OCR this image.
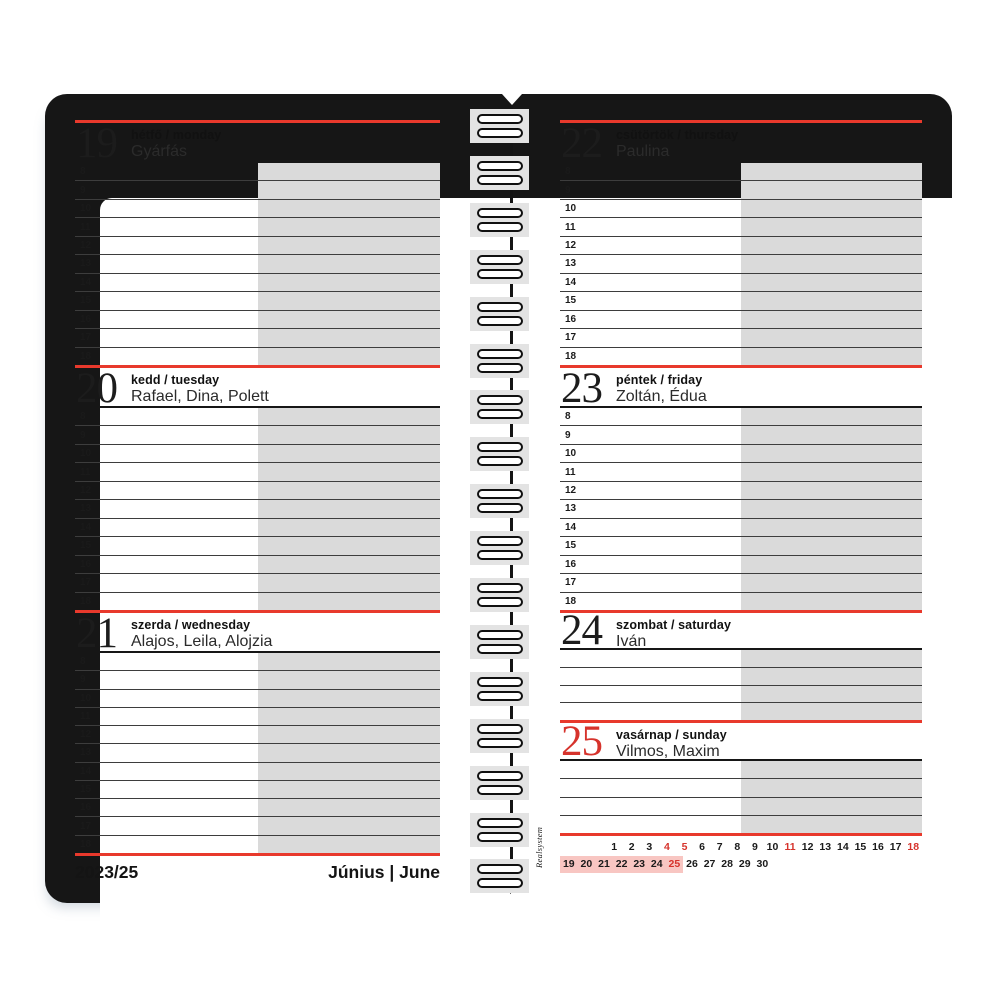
19 hétfő / monday
Gyárfás
8
9
10
11
12
13
14
15
16
17
18
20 kedd / tuesday
Rafael, Dina, Polett
8
9
10
11
12
13
14
15
16
17
18
21 szerda / wednesday
Alajos, Leila, Alojzia
8
9
10
11
12
13
14
15
16
17
18
22 csütörtök / thursday
Paulina
8
9
10
11
12
13
14
15
16
17
18
23 péntek / friday
Zoltán, Édua
8
9
10
11
12
13
14
15
16
17
18
24 szombat / saturday
Iván
25 vasárnap / sunday
Vilmos, Maxim
2023/25	Június | June
1	2	3	4	5	6	7	8	9 10 11 12 13 14 15 16 17 18
19 20 21 22 23 24 25 26 27 28 29 30
Realsystem
